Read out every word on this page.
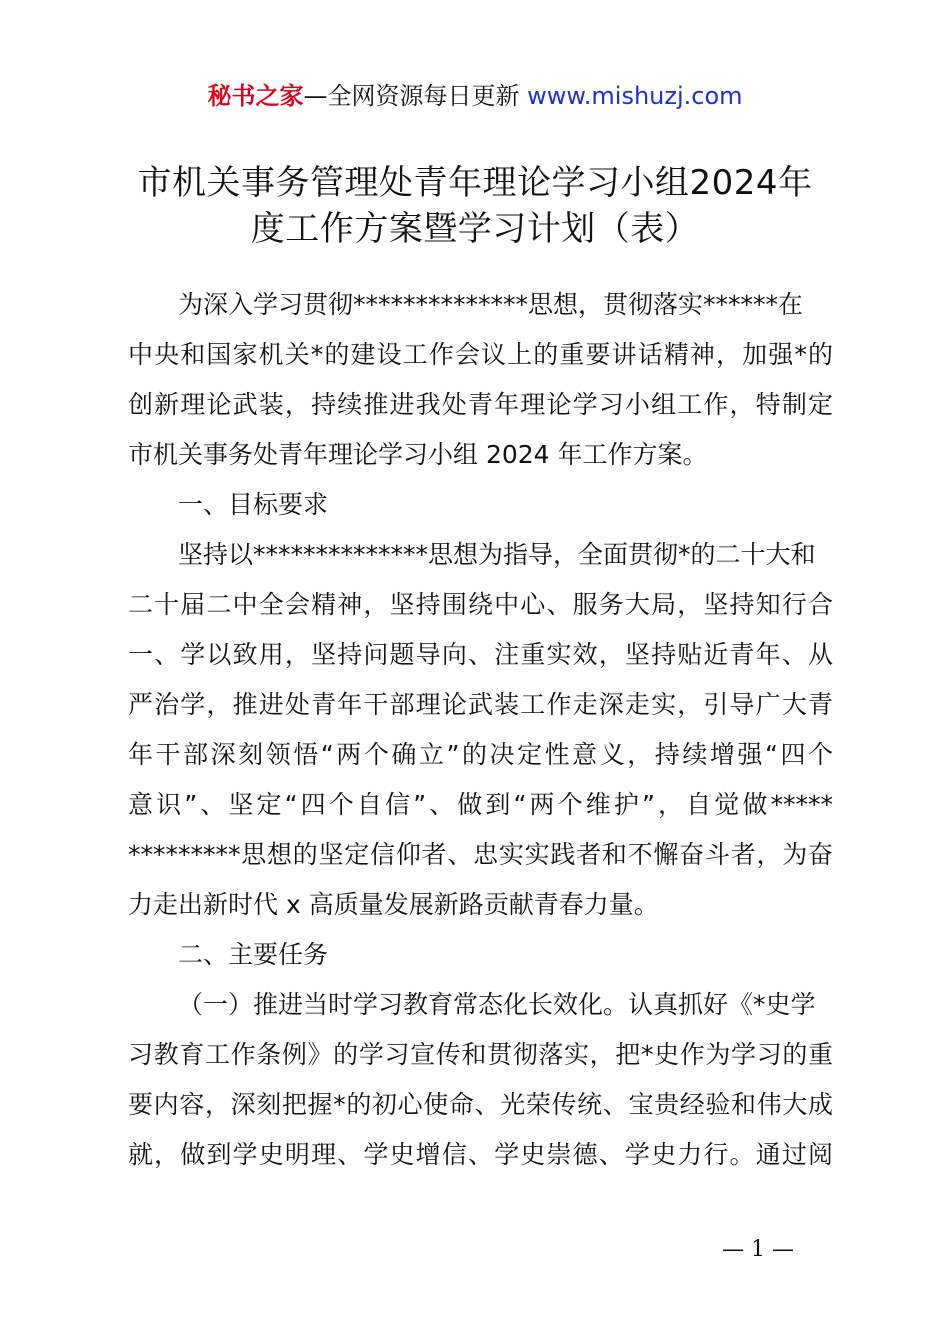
秘书之家—全网资源每日更新 www.mishuzj.com
市机关事务管理处青年理论学习小组2024年
度工作方案暨学习计划（表）
为深入学习贯彻**************思想，贯彻落实******在
中央和国家机关*的建设工作会议上的重要讲话精神，加强*的
创新理论武装，持续推进我处青年理论学习小组工作，特制定
市机关事务处青年理论学习小组 2024 年工作方案。
一、目标要求
坚持以**************思想为指导，全面贯彻*的二十大和
二十届二中全会精神，坚持围绕中心、服务大局，坚持知行合
一、学以致用，坚持问题导向、注重实效，坚持贴近青年、从
严治学，推进处青年干部理论武装工作走深走实，引导广大青
年干部深刻领悟“两个确立”的决定性意义，持续增强“四个
意识”、坚定“四个自信”、做到“两个维护”，自觉做*****
*********思想的坚定信仰者、忠实实践者和不懈奋斗者，为奋
力走出新时代 x 高质量发展新路贡献青春力量。
二、主要任务
（一）推进当时学习教育常态化长效化。认真抓好《*史学
习教育工作条例》的学习宣传和贯彻落实，把*史作为学习的重
要内容，深刻把握*的初心使命、光荣传统、宝贵经验和伟大成
就，做到学史明理、学史增信、学史崇德、学史力行。通过阅
— 1 —
